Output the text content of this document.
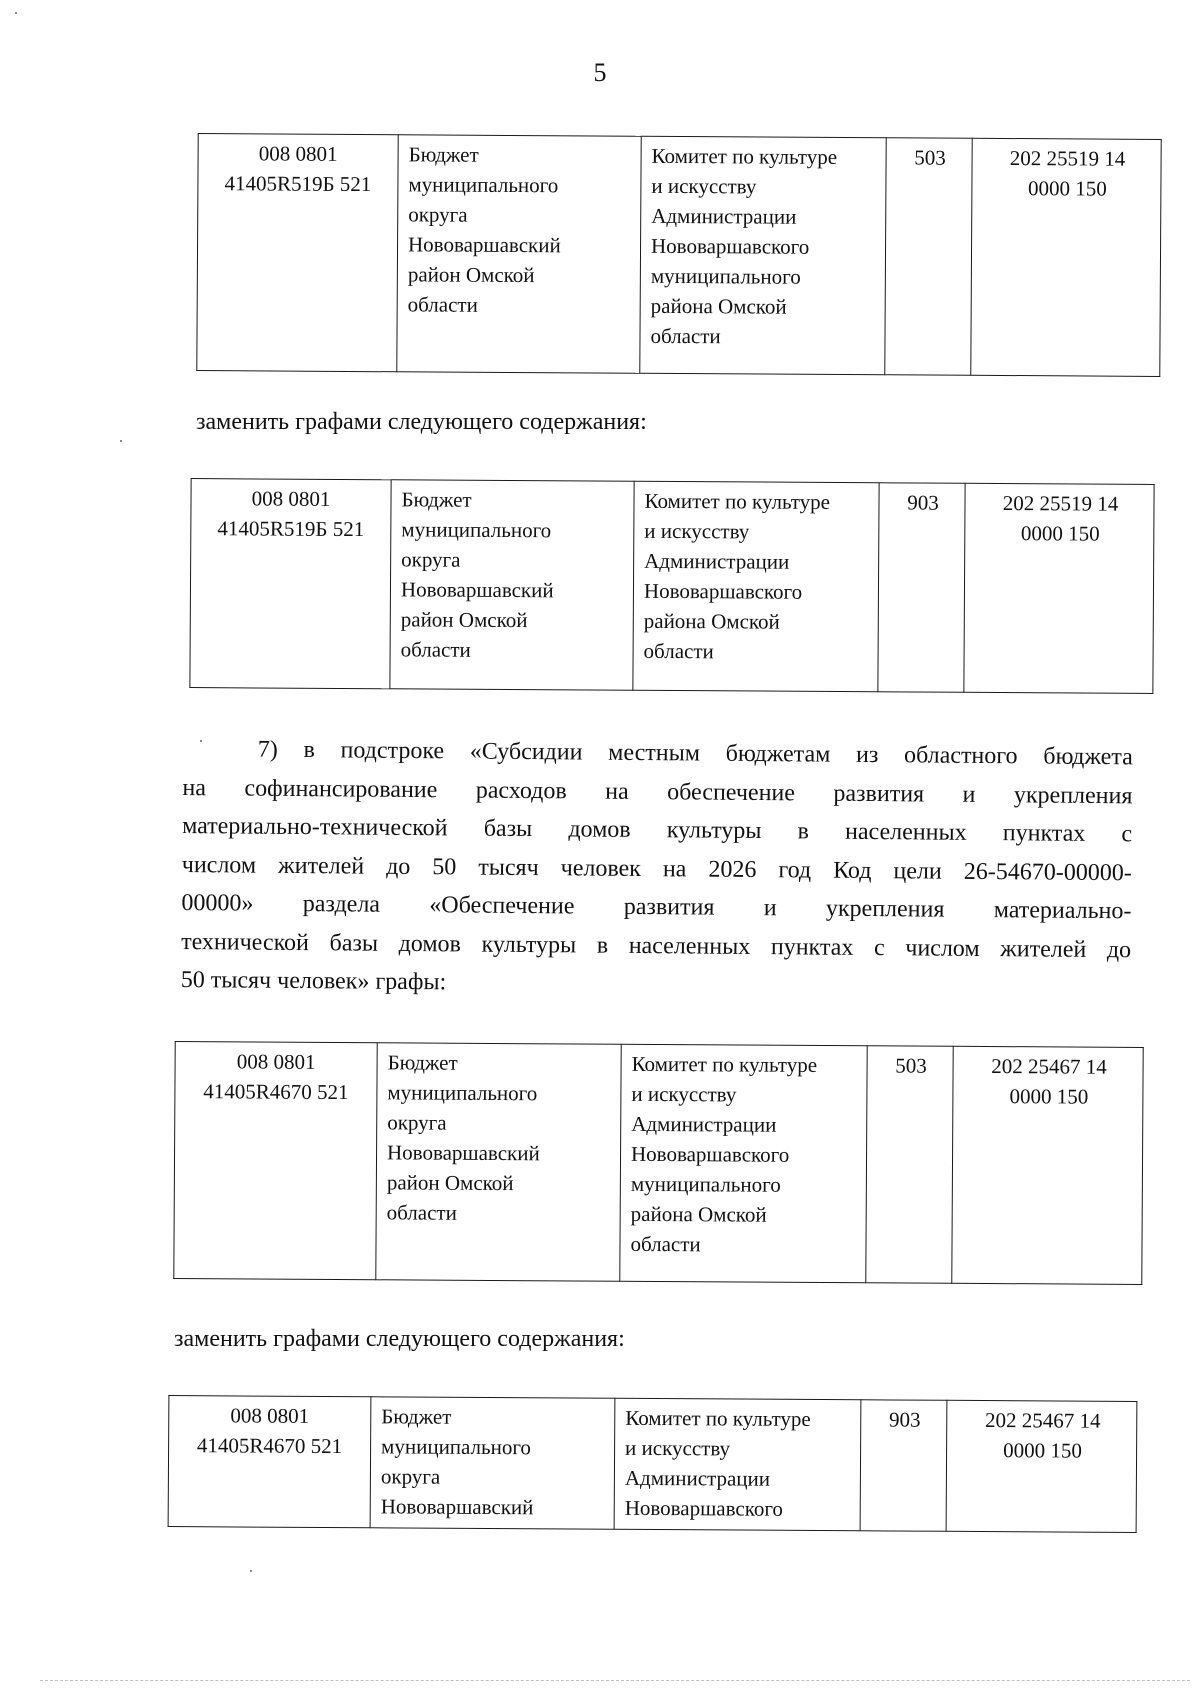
5
008 0801
41405R519Б 521	Бюджет
муниципального
округа
Нововаршавский
район Омской
области	Комитет по культуре
и искусству
Администрации
Нововаршавского
муниципального
района Омской
области	503	202 25519 14
0000 150
заменить графами следующего содержания:
008 0801
41405R519Б 521	Бюджет
муниципального
округа
Нововаршавский
район Омской
области	Комитет по культуре
и искусству
Администрации
Нововаршавского
района Омской
области	903	202 25519 14
0000 150
7) в подстроке «Субсидии местным бюджетам из областного бюджета
на софинансирование расходов на обеспечение развития и укрепления
материально-технической базы домов культуры в населенных пунктах с
числом жителей до 50 тысяч человек на 2026 год Код цели 26-54670-00000-
00000» раздела «Обеспечение развития и укрепления материально-
технической базы домов культуры в населенных пунктах с числом жителей до
50 тысяч человек» графы:
008 0801
41405R4670 521	Бюджет
муниципального
округа
Нововаршавский
район Омской
области	Комитет по культуре
и искусству
Администрации
Нововаршавского
муниципального
района Омской
области	503	202 25467 14
0000 150
заменить графами следующего содержания:
008 0801
41405R4670 521	Бюджет
муниципального
округа
Нововаршавский	Комитет по культуре
и искусству
Администрации
Нововаршавского	903	202 25467 14
0000 150
